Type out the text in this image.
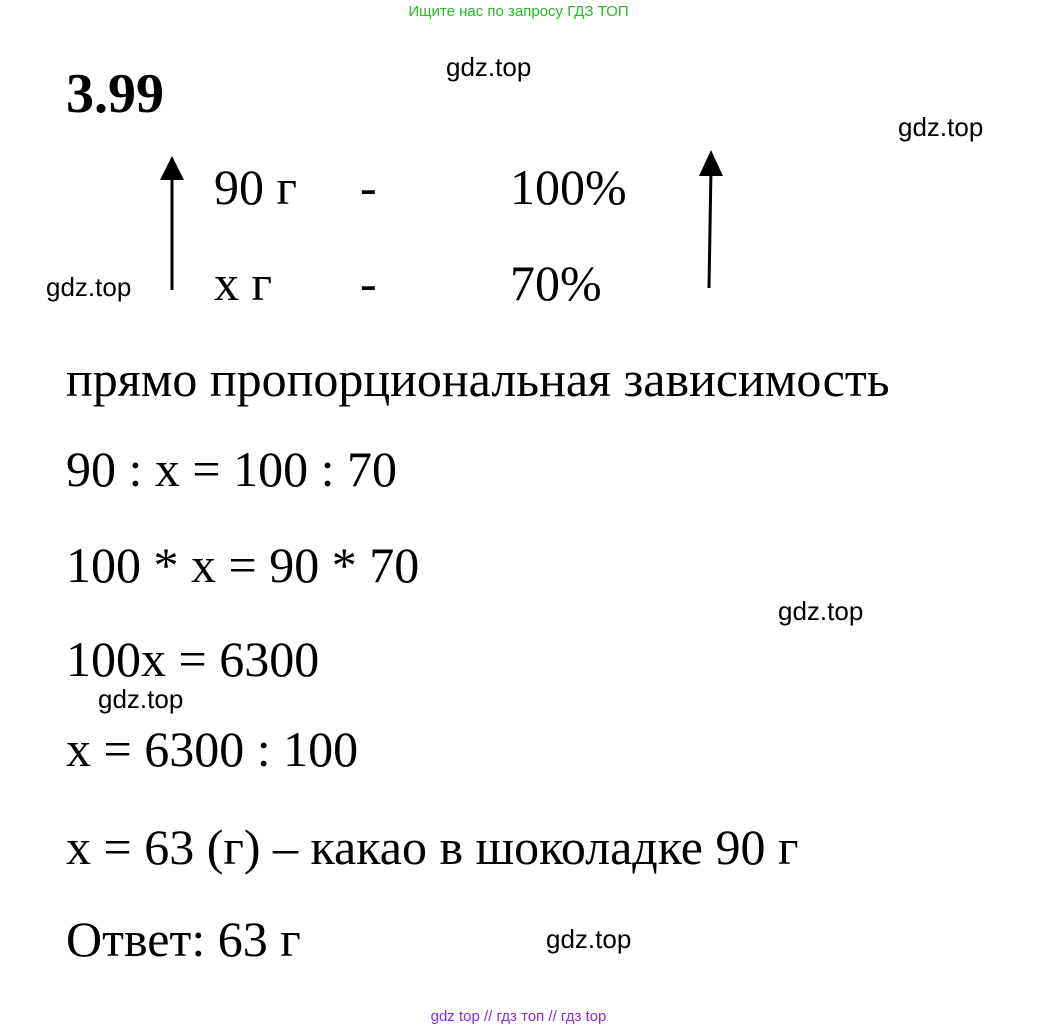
Ищите нас по запросу ГДЗ ТОП
3.99	gdz.top
gdz.top
gdz.top
gdz.top
gdz.top
gdz.top
90 г -	100%
х г -	70%
прямо пропорциональная зависимость
90 : х = 100 : 70
100 * х = 90 * 70
100х = 6300
х = 6300 : 100
х = 63 (г) – какао в шоколадке 90 г
Ответ: 63 г
gdz top // гдз топ // гдз top
